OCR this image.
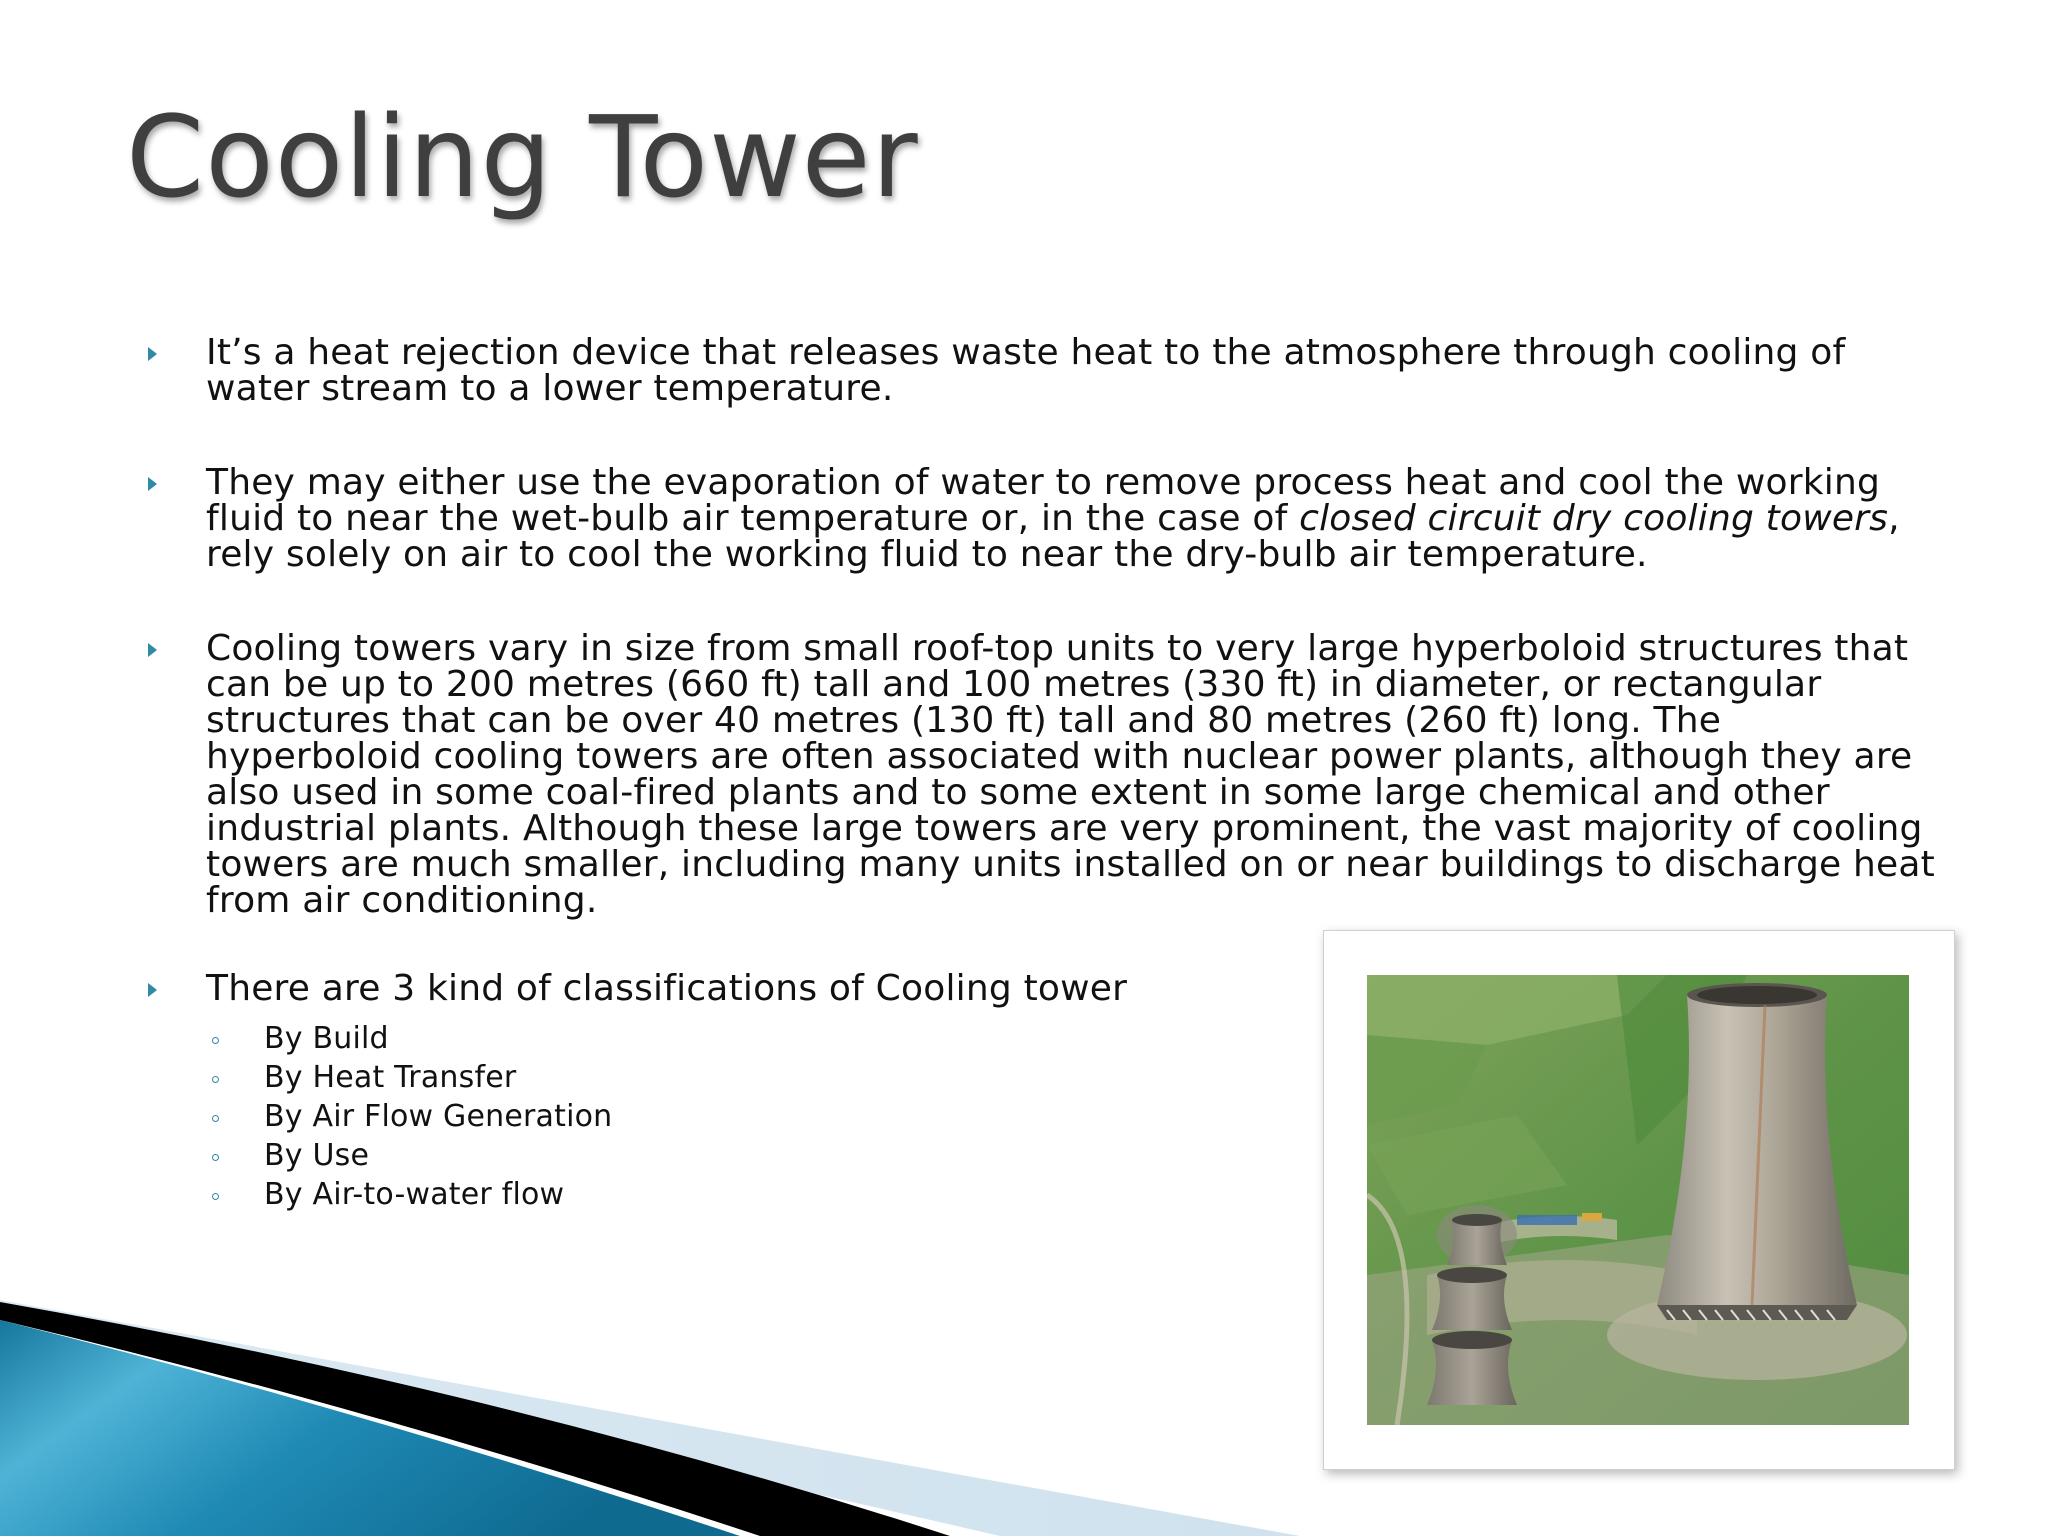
Cooling Tower
It’s a heat rejection device that releases waste heat to the atmosphere through cooling of water stream to a lower temperature.
They may either use the evaporation of water to remove process heat and cool the working fluid to near the wet-bulb air temperature or, in the case of closed circuit dry cooling towers, rely solely on air to cool the working fluid to near the dry-bulb air temperature.
Cooling towers vary in size from small roof-top units to very large hyperboloid structures that can be up to 200 metres (660 ft) tall and 100 metres (330 ft) in diameter, or rectangular structures that can be over 40 metres (130 ft) tall and 80 metres (260 ft) long. The hyperboloid cooling towers are often associated with nuclear power plants, although they are also used in some coal-fired plants and to some extent in some large chemical and other industrial plants. Although these large towers are very prominent, the vast majority of cooling towers are much smaller, including many units installed on or near buildings to discharge heat from air conditioning.
There are 3 kind of classifications of Cooling tower
By Build
By Heat Transfer
By Air Flow Generation
By Use
By Air-to-water flow
